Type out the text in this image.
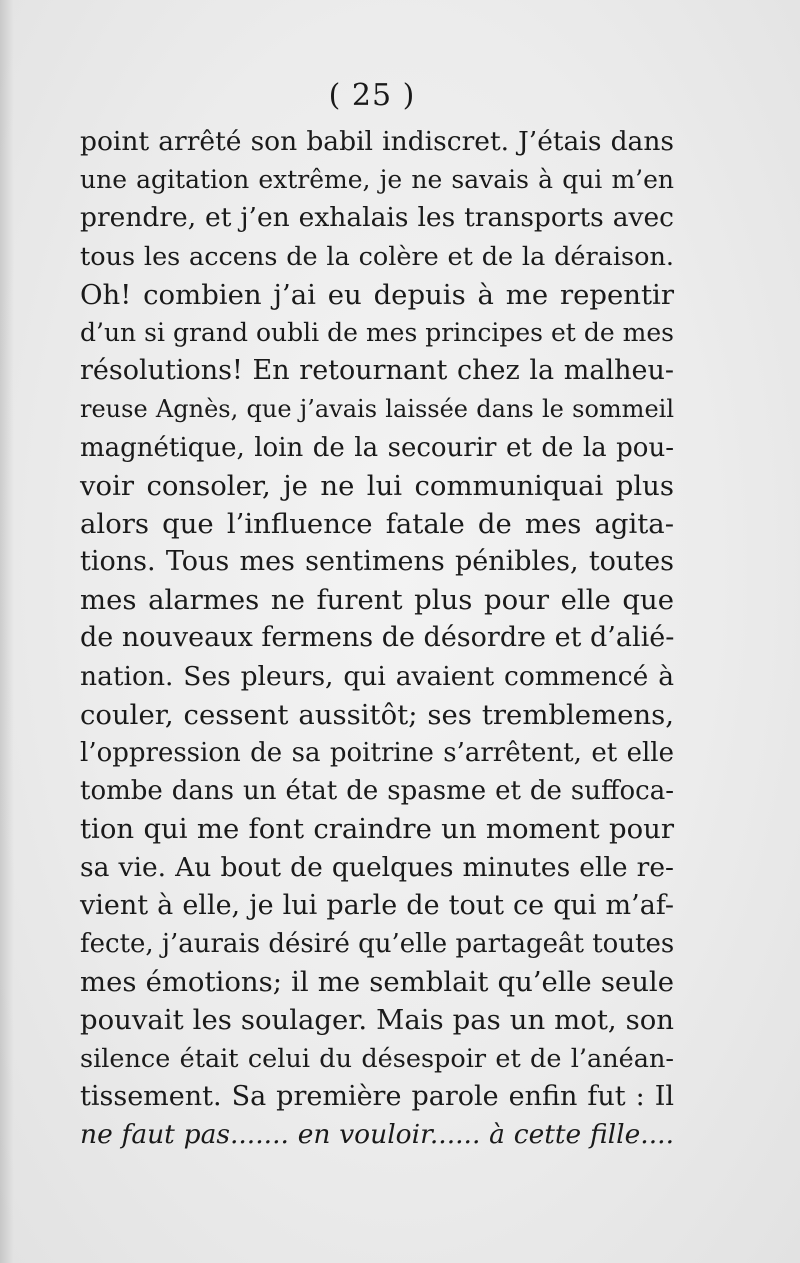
( 25 )
point arrêté son babil indiscret. J’étais dans
une agitation extrême, je ne savais à qui m’en
prendre, et j’en exhalais les transports avec
tous les accens de la colère et de la déraison.
Oh! combien j’ai eu depuis à me repentir
d’un si grand oubli de mes principes et de mes
résolutions! En retournant chez la malheu-
reuse Agnès, que j’avais laissée dans le sommeil
magnétique, loin de la secourir et de la pou-
voir consoler, je ne lui communiquai plus
alors que l’influence fatale de mes agita-
tions. Tous mes sentimens pénibles, toutes
mes alarmes ne furent plus pour elle que
de nouveaux fermens de désordre et d’alié-
nation. Ses pleurs, qui avaient commencé à
couler, cessent aussitôt; ses tremblemens,
l’oppression de sa poitrine s’arrêtent, et elle
tombe dans un état de spasme et de suffoca-
tion qui me font craindre un moment pour
sa vie. Au bout de quelques minutes elle re-
vient à elle, je lui parle de tout ce qui m’af-
fecte, j’aurais désiré qu’elle partageât toutes
mes émotions; il me semblait qu’elle seule
pouvait les soulager. Mais pas un mot, son
silence était celui du désespoir et de l’anéan-
tissement. Sa première parole enfin fut : Il
ne faut pas....... en vouloir...... à cette fille....
